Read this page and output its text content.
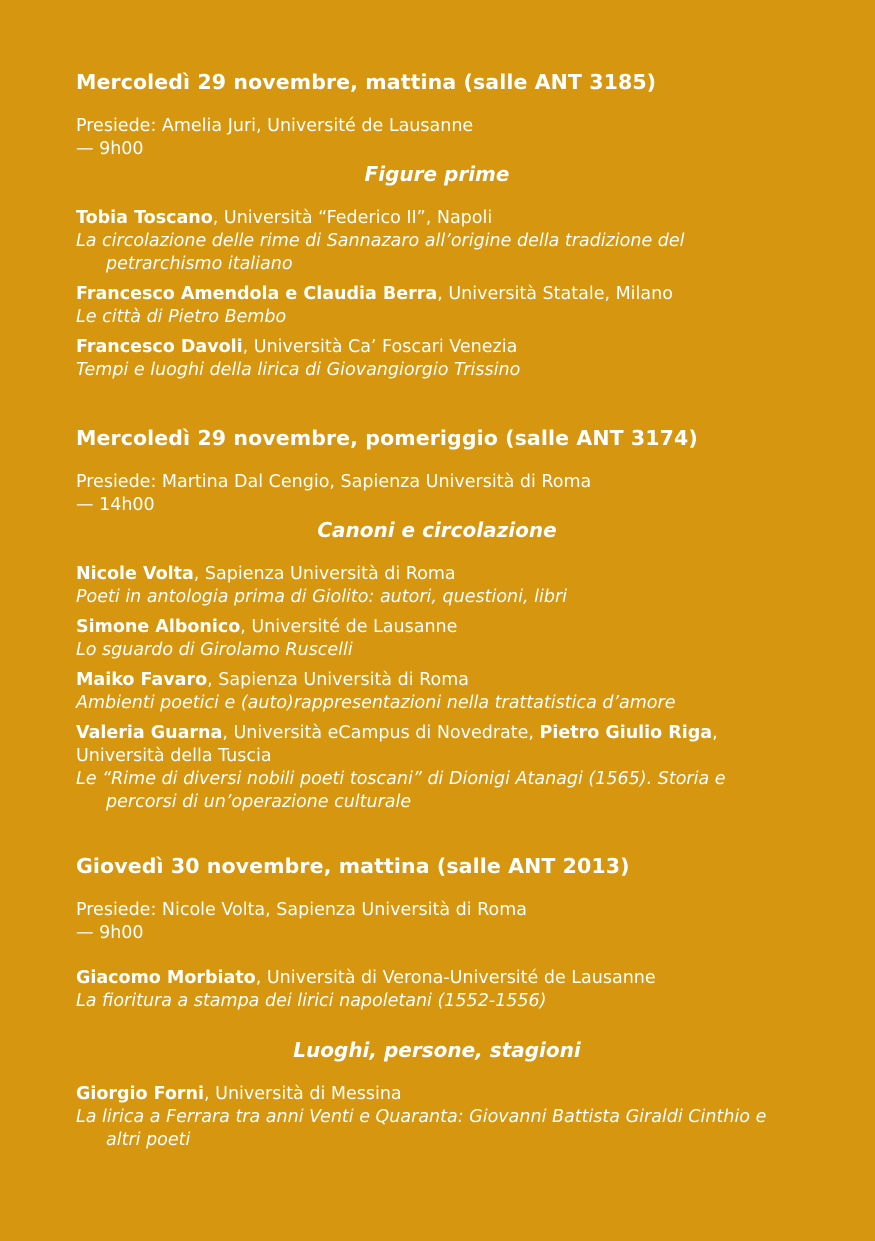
Mercoledì 29 novembre, mattina (salle ANT 3185)
Presiede: Amelia Juri, Université de Lausanne
— 9h00
Figure prime
Tobia Toscano, Università “Federico II”, Napoli
La circolazione delle rime di Sannazaro all’origine della tradizione del petrarchismo italiano
Francesco Amendola e Claudia Berra, Università Statale, Milano
Le città di Pietro Bembo
Francesco Davoli, Università Ca’ Foscari Venezia
Tempi e luoghi della lirica di Giovangiorgio Trissino
Mercoledì 29 novembre, pomeriggio (salle ANT 3174)
Presiede: Martina Dal Cengio, Sapienza Università di Roma
— 14h00
Canoni e circolazione
Nicole Volta, Sapienza Università di Roma
Poeti in antologia prima di Giolito: autori, questioni, libri
Simone Albonico, Université de Lausanne
Lo sguardo di Girolamo Ruscelli
Maiko Favaro, Sapienza Università di Roma
Ambienti poetici e (auto)rappresentazioni nella trattatistica d’amore
Valeria Guarna, Università eCampus di Novedrate, Pietro Giulio Riga, Università della Tuscia
Le “Rime di diversi nobili poeti toscani” di Dionigi Atanagi (1565). Storia e percorsi di un’operazione culturale
Giovedì 30 novembre, mattina (salle ANT 2013)
Presiede: Nicole Volta, Sapienza Università di Roma
— 9h00
Giacomo Morbiato, Università di Verona-Université de Lausanne
La fioritura a stampa dei lirici napoletani (1552-1556)
Luoghi, persone, stagioni
Giorgio Forni, Università di Messina
La lirica a Ferrara tra anni Venti e Quaranta: Giovanni Battista Giraldi Cinthio e altri poeti
